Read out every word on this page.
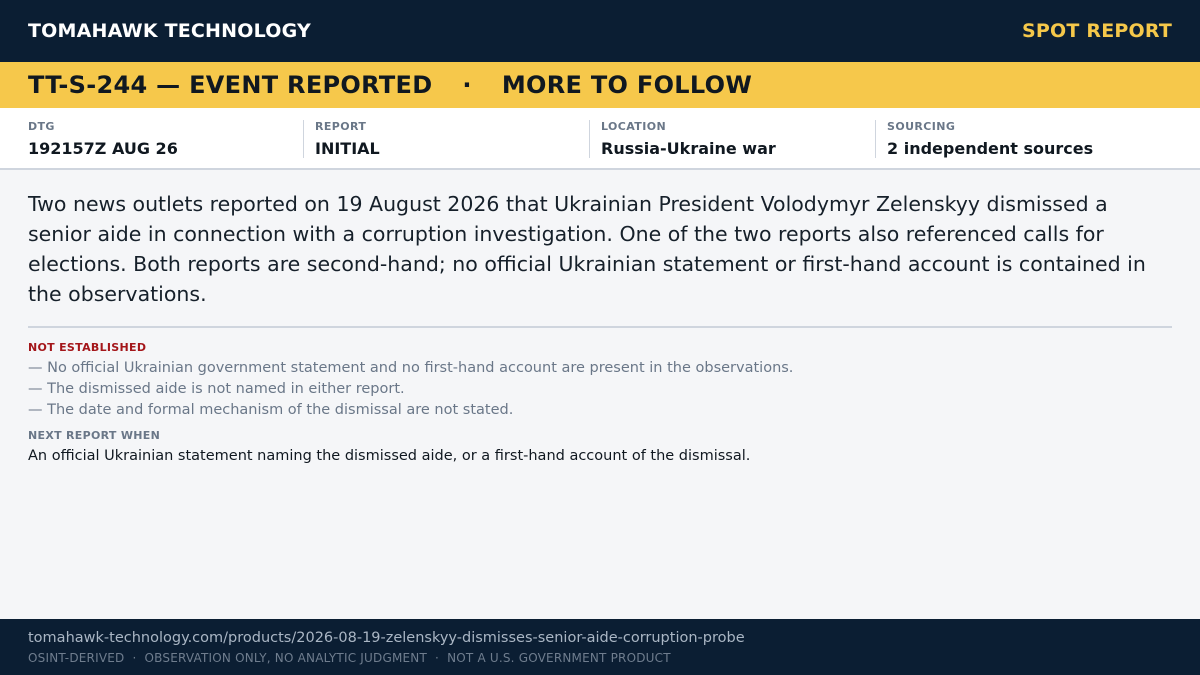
TOMAHAWK TECHNOLOGY	SPOT REPORT
TT-S-244 — EVENT REPORTED · MORE TO FOLLOW
DTG
192157Z AUG 26
REPORT
INITIAL
LOCATION
Russia-Ukraine war
SOURCING
2 independent sources
Two news outlets reported on 19 August 2026 that Ukrainian President Volodymyr Zelenskyy dismissed a senior aide in connection with a corruption investigation. One of the two reports also referenced calls for elections. Both reports are second-hand; no official Ukrainian statement or first-hand account is contained in the observations.
NOT ESTABLISHED
— No official Ukrainian government statement and no first-hand account are present in the observations.
— The dismissed aide is not named in either report.
— The date and formal mechanism of the dismissal are not stated.
NEXT REPORT WHEN
An official Ukrainian statement naming the dismissed aide, or a first-hand account of the dismissal.
tomahawk-technology.com/products/2026-08-19-zelenskyy-dismisses-senior-aide-corruption-probe
OSINT-DERIVED  ·  OBSERVATION ONLY, NO ANALYTIC JUDGMENT  ·  NOT A U.S. GOVERNMENT PRODUCT
